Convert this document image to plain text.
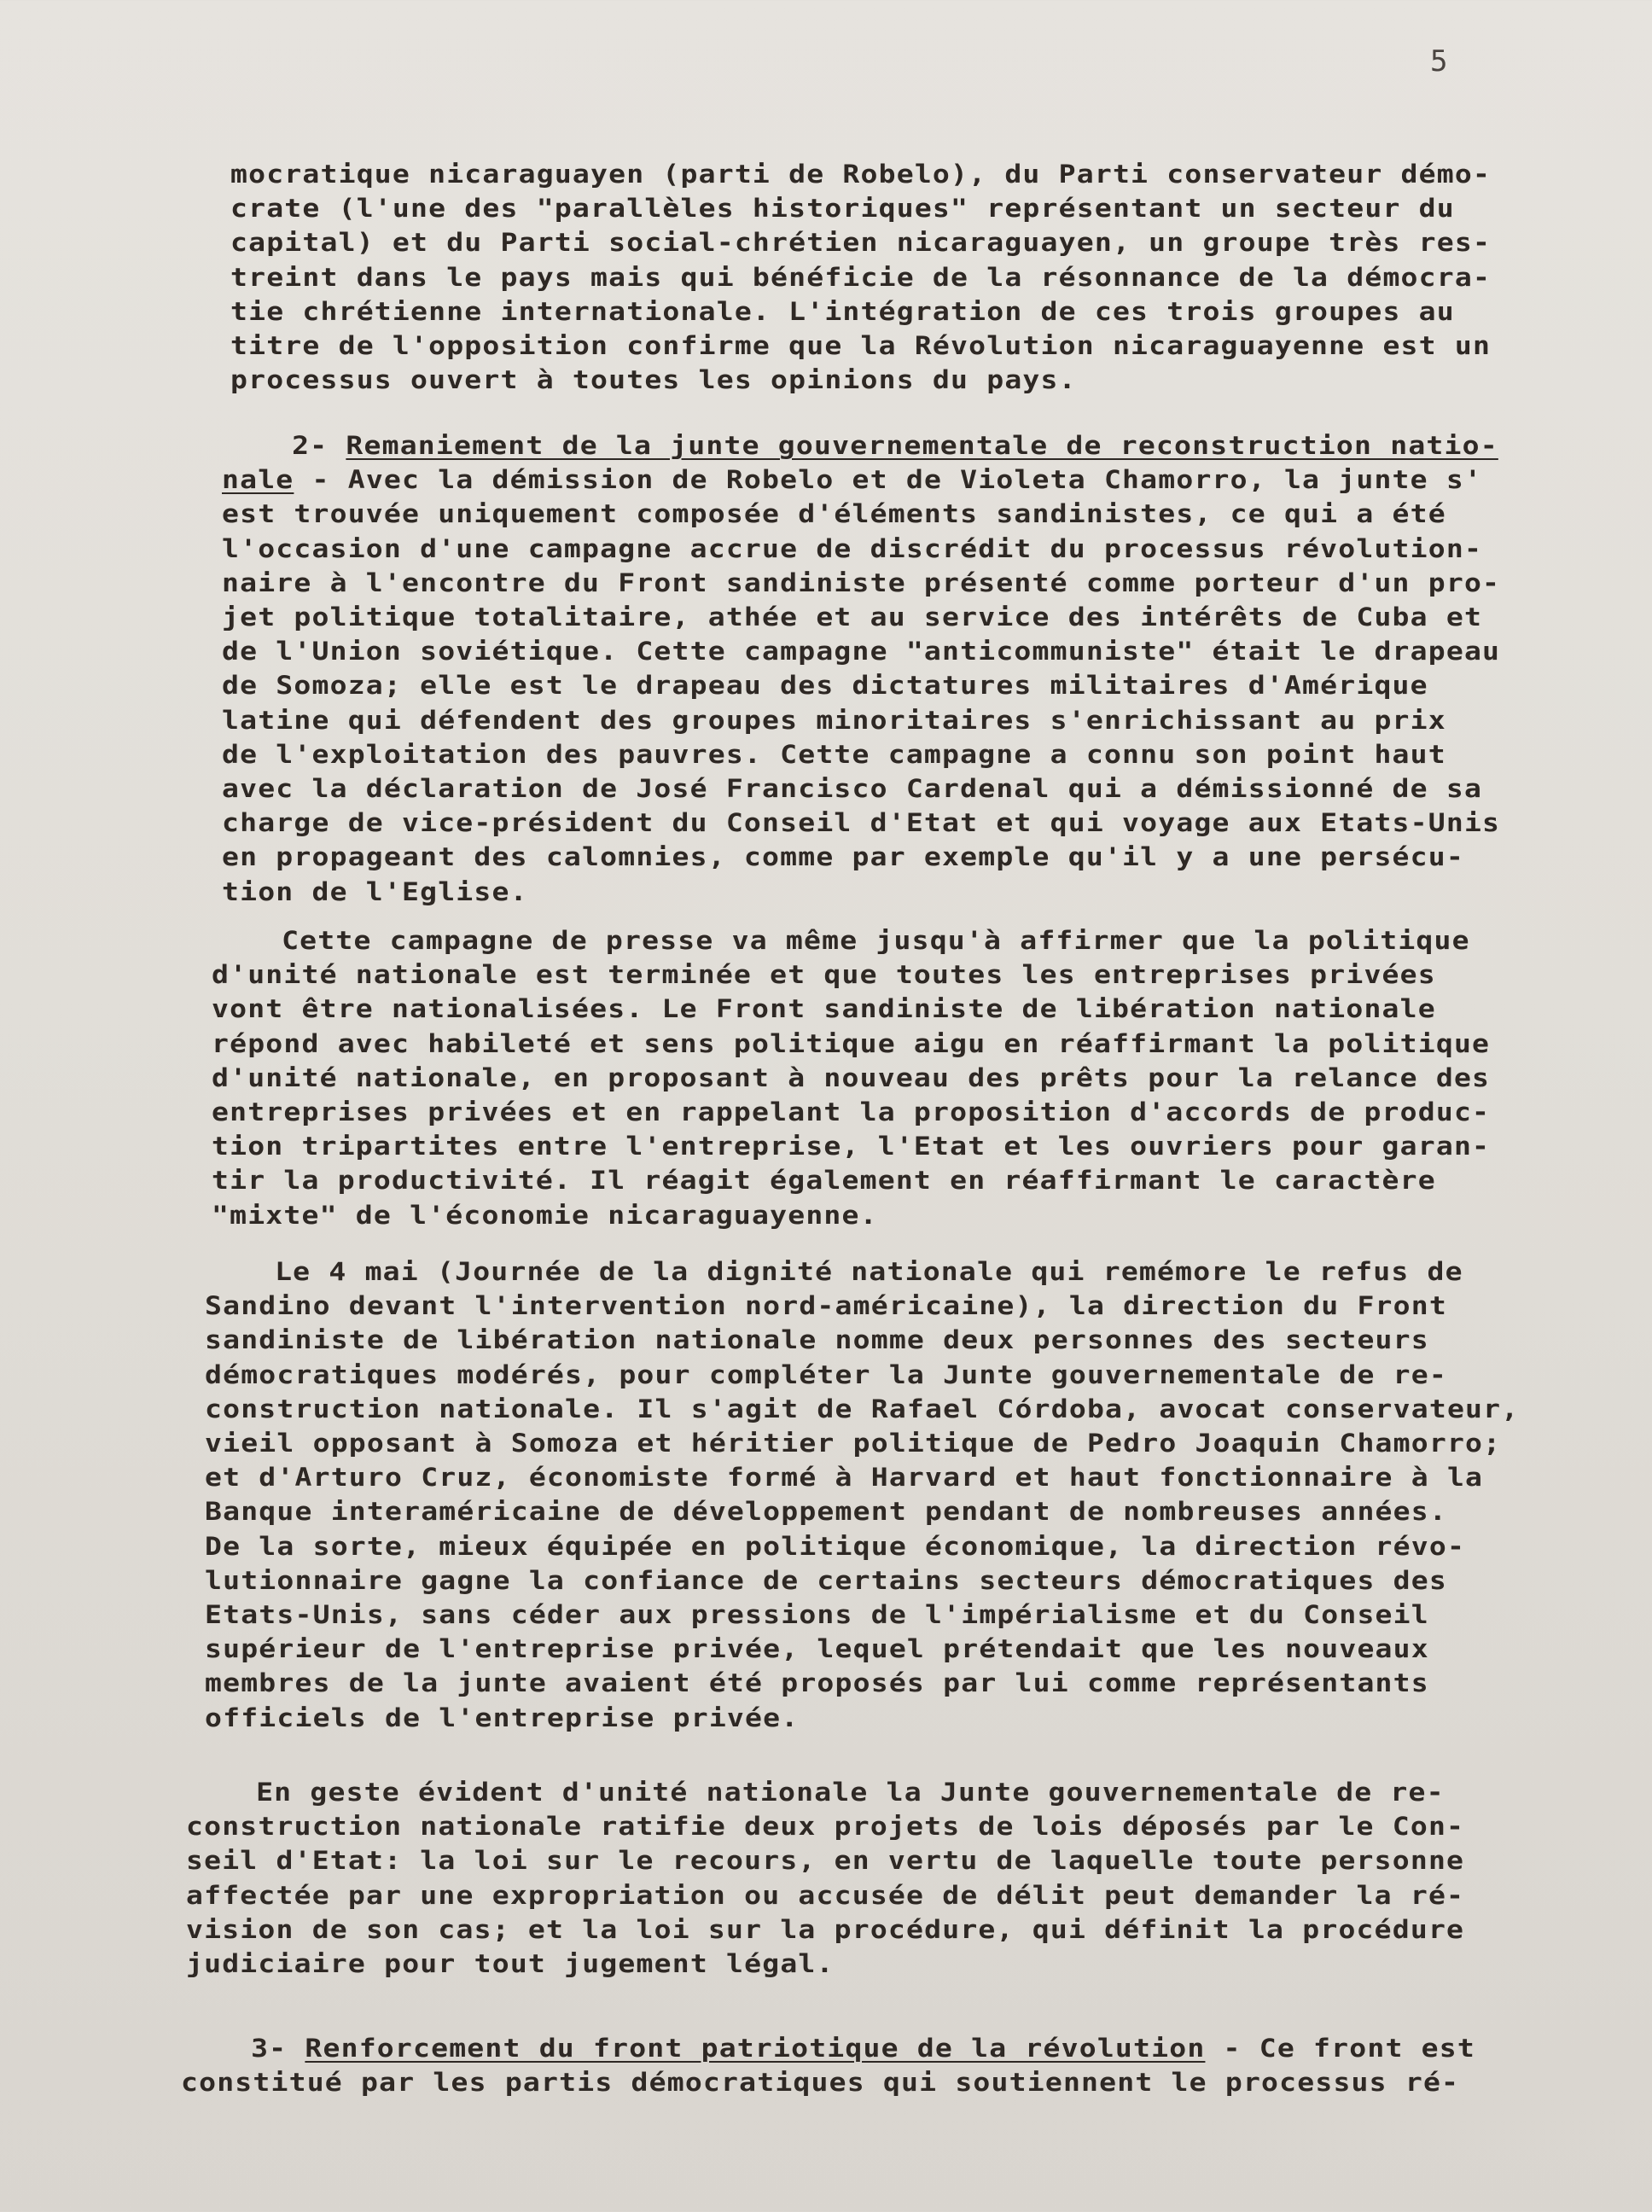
5
mocratique nicaraguayen (parti de Robelo), du Parti conservateur démo-
crate (l'une des "parallèles historiques" représentant un secteur du
capital) et du Parti social-chrétien nicaraguayen, un groupe très res-
treint dans le pays mais qui bénéficie de la résonnance de la démocra-
tie chrétienne internationale. L'intégration de ces trois groupes au
titre de l'opposition confirme que la Révolution nicaraguayenne est un
processus ouvert à toutes les opinions du pays.
2- Remaniement de la junte gouvernementale de reconstruction natio-
nale - Avec la démission de Robelo et de Violeta Chamorro, la junte s'
est trouvée uniquement composée d'éléments sandinistes, ce qui a été
l'occasion d'une campagne accrue de discrédit du processus révolution-
naire à l'encontre du Front sandiniste présenté comme porteur d'un pro-
jet politique totalitaire, athée et au service des intérêts de Cuba et
de l'Union soviétique. Cette campagne "anticommuniste" était le drapeau
de Somoza; elle est le drapeau des dictatures militaires d'Amérique
latine qui défendent des groupes minoritaires s'enrichissant au prix
de l'exploitation des pauvres. Cette campagne a connu son point haut
avec la déclaration de José Francisco Cardenal qui a démissionné de sa
charge de vice-président du Conseil d'Etat et qui voyage aux Etats-Unis
en propageant des calomnies, comme par exemple qu'il y a une persécu-
tion de l'Eglise.
Cette campagne de presse va même jusqu'à affirmer que la politique
d'unité nationale est terminée et que toutes les entreprises privées
vont être nationalisées. Le Front sandiniste de libération nationale
répond avec habileté et sens politique aigu en réaffirmant la politique
d'unité nationale, en proposant à nouveau des prêts pour la relance des
entreprises privées et en rappelant la proposition d'accords de produc-
tion tripartites entre l'entreprise, l'Etat et les ouvriers pour garan-
tir la productivité. Il réagit également en réaffirmant le caractère
"mixte" de l'économie nicaraguayenne.
Le 4 mai (Journée de la dignité nationale qui remémore le refus de
Sandino devant l'intervention nord-américaine), la direction du Front
sandiniste de libération nationale nomme deux personnes des secteurs
démocratiques modérés, pour compléter la Junte gouvernementale de re-
construction nationale. Il s'agit de Rafael Córdoba, avocat conservateur,
vieil opposant à Somoza et héritier politique de Pedro Joaquin Chamorro;
et d'Arturo Cruz, économiste formé à Harvard et haut fonctionnaire à la
Banque interaméricaine de développement pendant de nombreuses années.
De la sorte, mieux équipée en politique économique, la direction révo-
lutionnaire gagne la confiance de certains secteurs démocratiques des
Etats-Unis, sans céder aux pressions de l'impérialisme et du Conseil
supérieur de l'entreprise privée, lequel prétendait que les nouveaux
membres de la junte avaient été proposés par lui comme représentants
officiels de l'entreprise privée.
En geste évident d'unité nationale la Junte gouvernementale de re-
construction nationale ratifie deux projets de lois déposés par le Con-
seil d'Etat: la loi sur le recours, en vertu de laquelle toute personne
affectée par une expropriation ou accusée de délit peut demander la ré-
vision de son cas; et la loi sur la procédure, qui définit la procédure
judiciaire pour tout jugement légal.
3- Renforcement du front patriotique de la révolution - Ce front est
constitué par les partis démocratiques qui soutiennent le processus ré-
